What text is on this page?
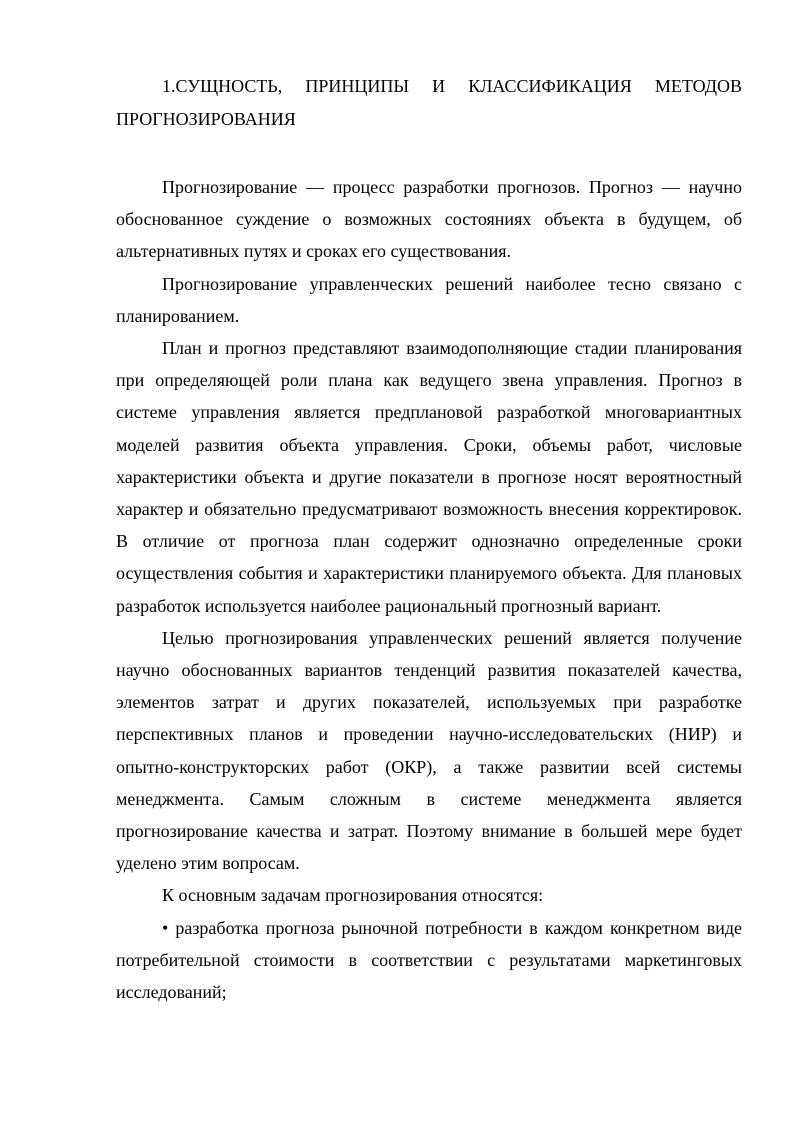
1.СУЩНОСТЬ, ПРИНЦИПЫ И КЛАССИФИКАЦИЯ МЕТОДОВ ПРОГНОЗИРОВАНИЯ

Прогнозирование — процесс разработки прогнозов. Прогноз — научно обоснованное суждение о возможных состояниях объекта в будущем, об альтернативных путях и сроках его существования.

Прогнозирование управленческих решений наиболее тесно связано с планированием.

План и прогноз представляют взаимодополняющие стадии планирования при определяющей роли плана как ведущего звена управления. Прогноз в системе управления является предплановой разработкой многовариантных моделей развития объекта управления. Сроки, объемы работ, числовые характеристики объекта и другие показатели в прогнозе носят вероятностный характер и обязательно предусматривают возможность внесения корректировок. В отличие от прогноза план содержит однозначно определенные сроки осуществления события и характеристики планируемого объекта. Для плановых разработок используется наиболее рациональный прогнозный вариант.

Целью прогнозирования управленческих решений является получение научно обоснованных вариантов тенденций развития показателей качества, элементов затрат и других показателей, используемых при разработке перспективных планов и проведении научно-исследовательских (НИР) и опытно-конструкторских работ (ОКР), а также развитии всей системы менеджмента. Самым сложным в системе менеджмента является прогнозирование качества и затрат. Поэтому внимание в большей мере будет уделено этим вопросам.

К основным задачам прогнозирования относятся:

• разработка прогноза рыночной потребности в каждом конкретном виде потребительной стоимости в соответствии с результатами маркетинговых исследований;
